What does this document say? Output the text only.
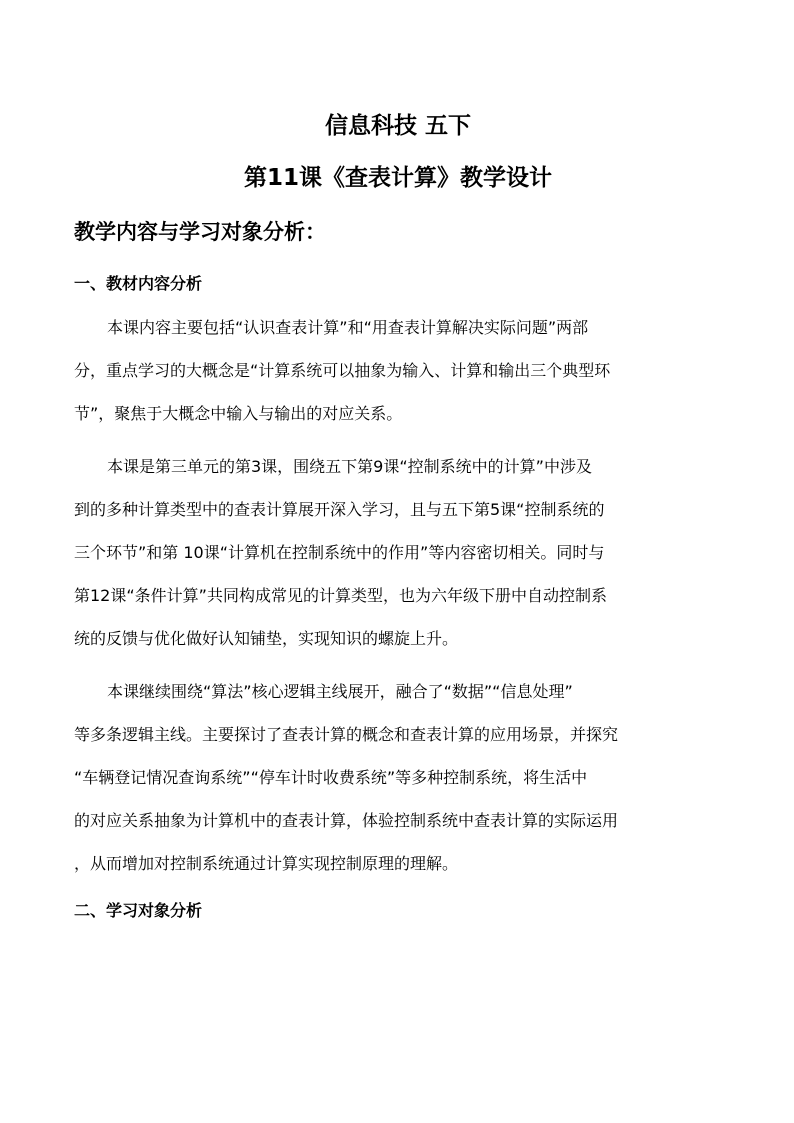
信息科技 五下
第11课《查表计算》教学设计
教学内容与学习对象分析：
一、教材内容分析

本课内容主要包括“认识查表计算”和“用查表计算解决实际问题”两部
分，重点学习的大概念是“计算系统可以抽象为输入、计算和输出三个典型环
节”，聚焦于大概念中输入与输出的对应关系。

本课是第三单元的第3课，围绕五下第9课“控制系统中的计算”中涉及
到的多种计算类型中的查表计算展开深入学习，且与五下第5课“控制系统的
三个环节”和第 10课“计算机在控制系统中的作用”等内容密切相关。同时与
第12课“条件计算”共同构成常见的计算类型，也为六年级下册中自动控制系
统的反馈与优化做好认知铺垫，实现知识的螺旋上升。

本课继续围绕“算法”核心逻辑主线展开，融合了“数据”“信息处理”
等多条逻辑主线。主要探讨了查表计算的概念和查表计算的应用场景，并探究
“车辆登记情况查询系统”“停车计时收费系统”等多种控制系统，将生活中
的对应关系抽象为计算机中的查表计算，体验控制系统中查表计算的实际运用
，从而增加对控制系统通过计算实现控制原理的理解。

二、学习对象分析
